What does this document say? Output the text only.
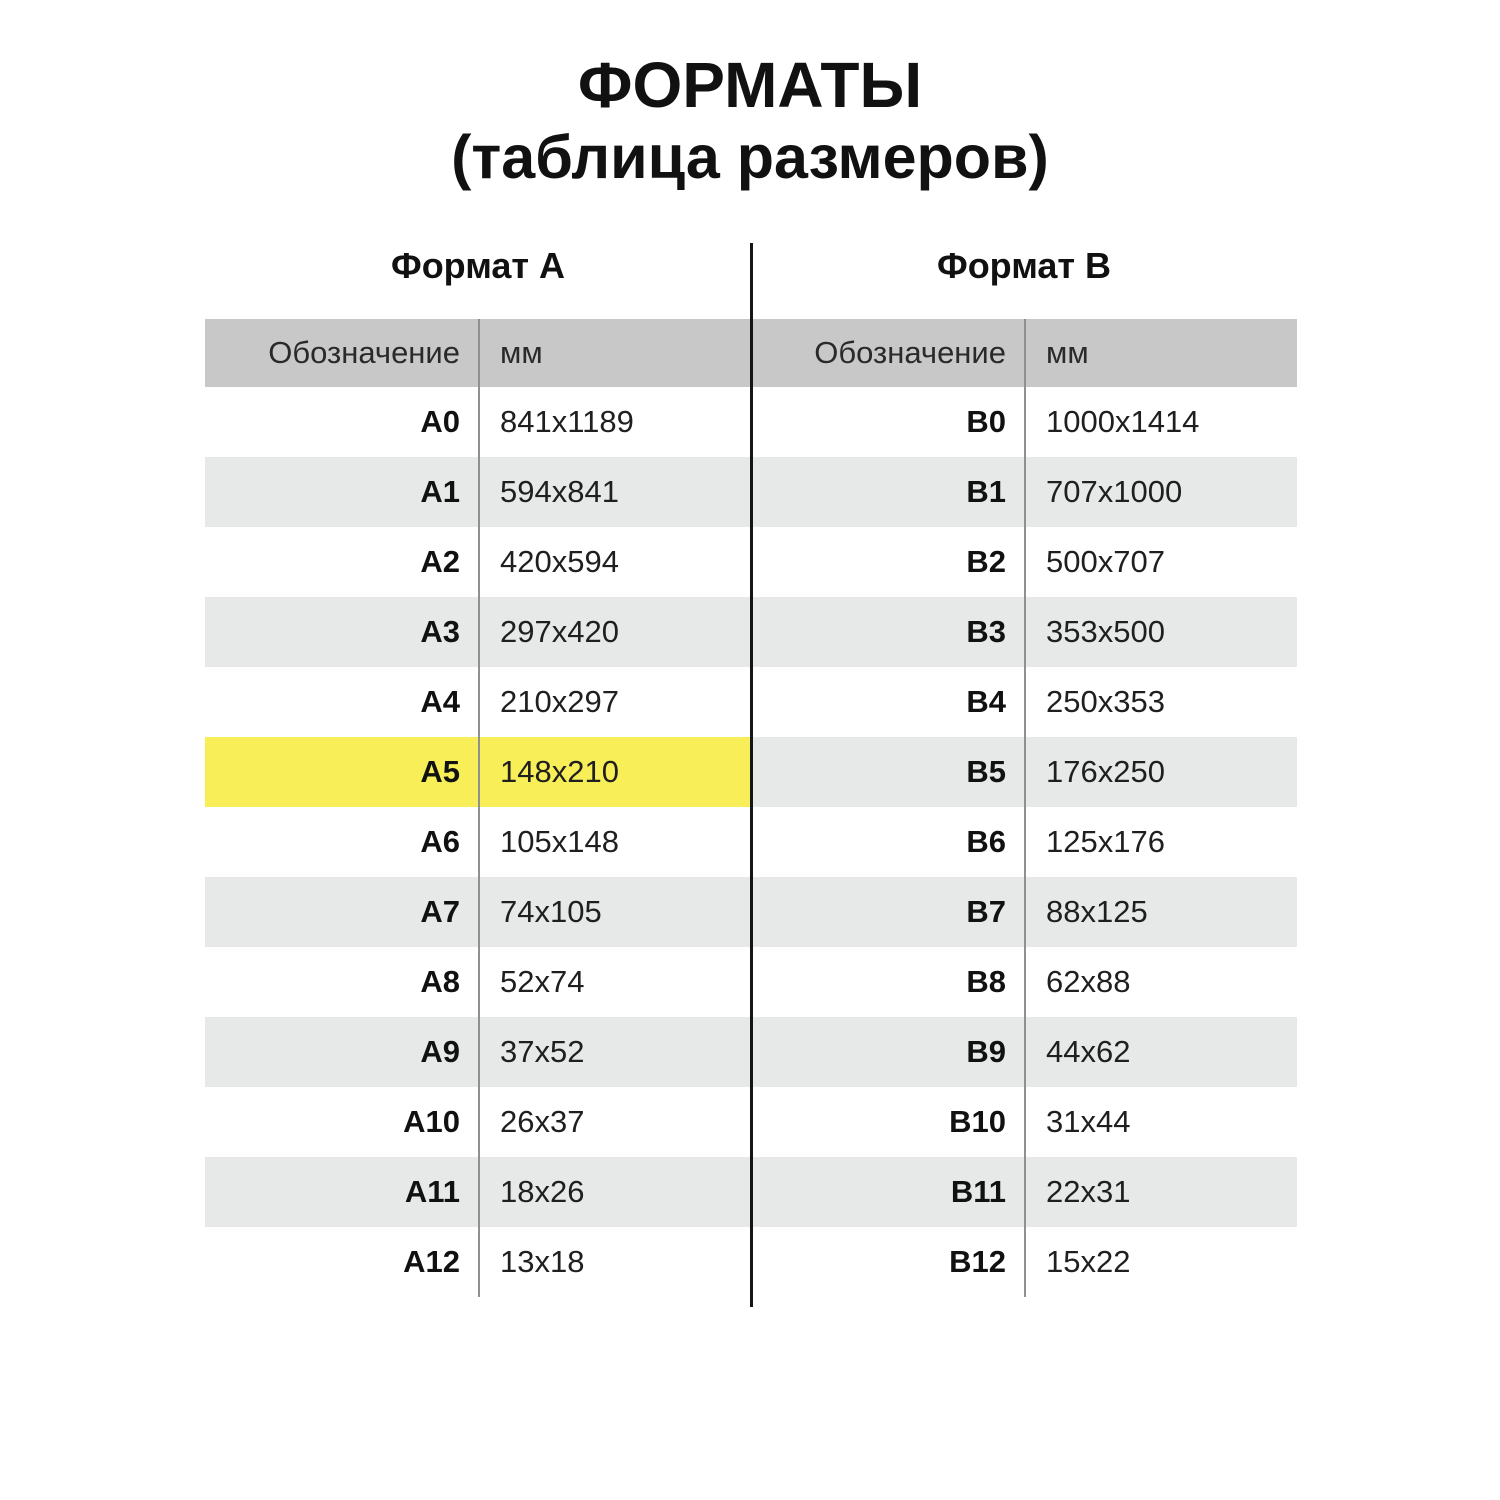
ФОРМАТЫ
(таблица размеров)
Формат А	Формат B
Обозначение	мм
A0	841x1189
A1	594x841
A2	420x594
A3	297x420
A4	210x297
A5	148x210
A6	105x148
A7	74x105
A8	52x74
A9	37x52
A10	26x37
A11	18x26
A12	13x18
Обозначение	мм
B0	1000x1414
B1	707x1000
B2	500x707
B3	353x500
B4	250x353
B5	176x250
B6	125x176
B7	88x125
B8	62x88
B9	44x62
B10	31x44
B11	22x31
B12	15x22
